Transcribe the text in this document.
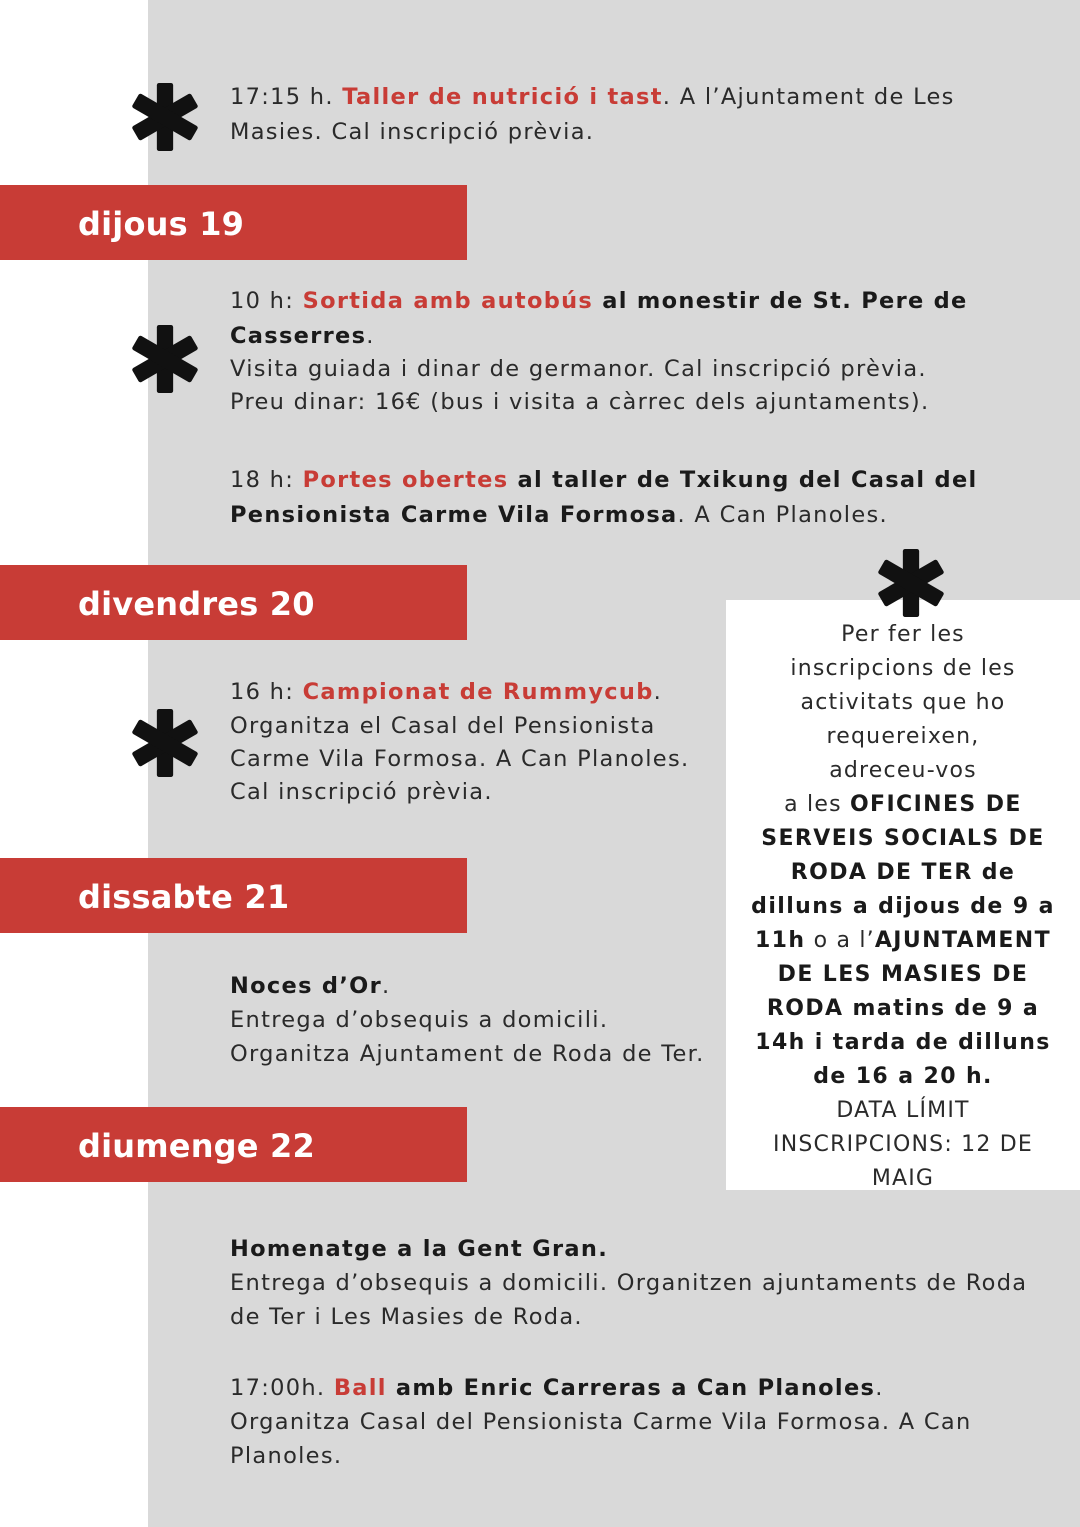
17:15 h. Taller de nutrició i tast. A l’Ajuntament de Les

Masies. Cal inscripció prèvia.

dijous 19

10 h: Sortida amb autobús al monestir de St. Pere de

Casserres.

Visita guiada i dinar de germanor. Cal inscripció prèvia.

Preu dinar: 16€ (bus i visita a càrrec dels ajuntaments).

18 h: Portes obertes al taller de Txikung del Casal del

Pensionista Carme Vila Formosa. A Can Planoles.

divendres 20

16 h: Campionat de Rummycub.

Organitza el Casal del Pensionista

Carme Vila Formosa. A Can Planoles.

Cal inscripció prèvia.

dissabte 21

Noces d’Or.

Entrega d’obsequis a domicili.

Organitza Ajuntament de Roda de Ter.

diumenge 22

Homenatge a la Gent Gran.

Entrega d’obsequis a domicili. Organitzen ajuntaments de Roda

de Ter i Les Masies de Roda.

17:00h. Ball amb Enric Carreras a Can Planoles.

Organitza Casal del Pensionista Carme Vila Formosa. A Can

Planoles.

Per fer les
inscripcions de les
activitats que ho
requereixen,
adreceu-vos
a les OFICINES DE
SERVEIS SOCIALS DE
RODA DE TER de
dilluns a dijous de 9 a
11h o a l’AJUNTAMENT
DE LES MASIES DE
RODA matins de 9 a
14h i tarda de dilluns
de 16 a 20 h.
DATA LÍMIT
INSCRIPCIONS: 12 DE
MAIG
